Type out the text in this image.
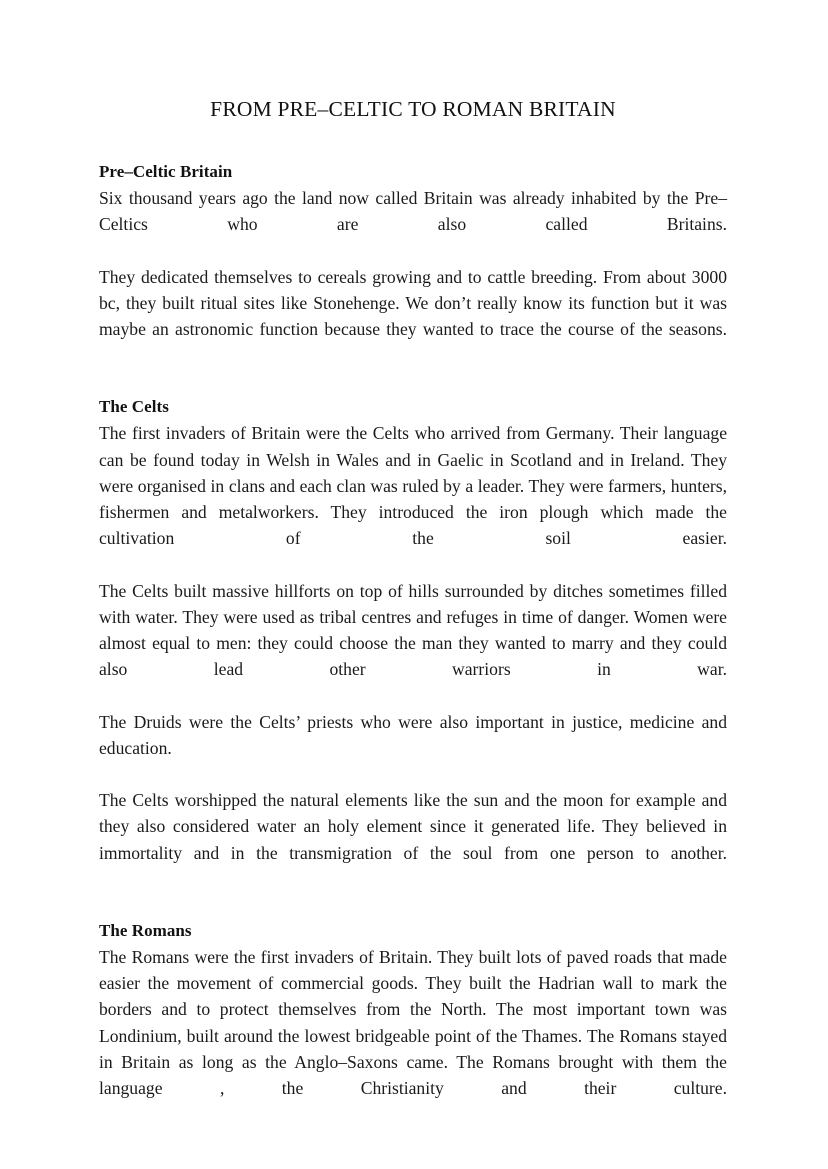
FROM PRE–CELTIC TO ROMAN BRITAIN
Pre–Celtic Britain

Six thousand years ago the land now called Britain was already inhabited by the Pre–Celtics who are also called Britains.

They dedicated themselves to cereals growing and to cattle breeding. From about 3000 bc, they built ritual sites like Stonehenge. We don’t really know its function but it was maybe an astronomic function because they wanted to trace the course of the seasons.

The Celts

The first invaders of Britain were the Celts who arrived from Germany. Their language can be found today in Welsh in Wales and in Gaelic in Scotland and in Ireland. They were organised in clans and each clan was ruled by a leader. They were farmers, hunters, fishermen and metalworkers. They introduced the iron plough which made the cultivation of the soil easier.

The Celts built massive hillforts on top of hills surrounded by ditches sometimes filled with water. They were used as tribal centres and refuges in time of danger. Women were almost equal to men: they could choose the man they wanted to marry and they could also lead other warriors in war.

The Druids were the Celts’ priests who were also important in justice, medicine and education.

The Celts worshipped the natural elements like the sun and the moon for example and they also considered water an holy element since it generated life. They believed in immortality and in the transmigration of the soul from one person to another.

The Romans

The Romans were the first invaders of Britain. They built lots of paved roads that made easier the movement of commercial goods. They built the Hadrian wall to mark the borders and to protect themselves from the North. The most important town was Londinium, built around the lowest bridgeable point of the Thames. The Romans stayed in Britain as long as the Anglo–Saxons came. The Romans brought with them the language , the Christianity and their culture.
